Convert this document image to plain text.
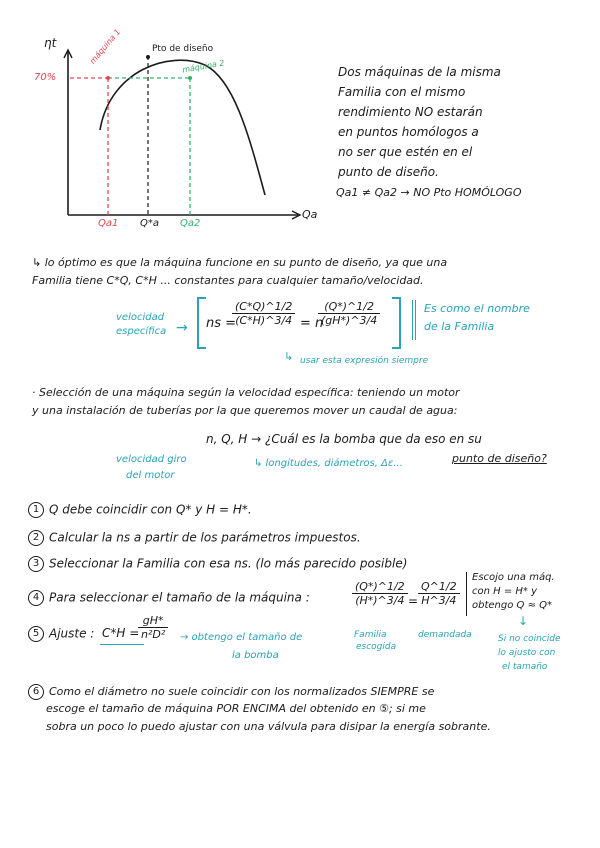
ηt
70%
Pto de diseño
máquina 1
máquina 2
Qa
Qa1 Q*a Qa2
Dos máquinas de la misma
Familia con el mismo
rendimiento NO estarán
en puntos homólogos a
no ser que estén en el
punto de diseño.
Qa1 ≠ Qa2 → NO Pto HOMÓLOGO
↳ lo óptimo es que la máquina funcione en su punto de diseño, ya que una
Familia tiene C*Q, C*H ... constantes para cualquier tamaño/velocidad.
velocidad
específica → ns =
$\frac{(C*Q)\^{}1/2}{(C*H)\^{}3/4} = n$
$\frac{(Q*)\^{}1/2}{(gH*)\^{}3/4}$	Es como el nombre
de la Familia
↳ usar esta expresión siempre
· Selección de una máquina según la velocidad específica: teniendo un motor
y una instalación de tuberías por la que queremos mover un caudal de agua:
n, Q, H → ¿Cuál es la bomba que da eso en su
punto de diseño?
velocidad giro
del motor
↳ longitudes, diámetros, Δε...
1 Q debe coincidir con Q* y H = H*.
2 Calcular la ns a partir de los parámetros impuestos.
3 Seleccionar la Familia con esa ns. (lo más parecido posible)
4 Para seleccionar el tamaño de la máquina :	$\frac{(Q*)\^{}1/2}{(H*)\^{}3/4} = \frac{Q\^{}1/2}{H\^{}3/4}$
Familia
escogida
demandada
Escojo una máq.
con H = H* y
obtengo Q ≈ Q*
5 Ajuste : C*H =
$\frac{gH*}{\text{n²D²}}$ → obtengo el tamaño de
la bomba
↓
Si no coincide
lo ajusto con
el tamaño
6 Como el diámetro no suele coincidir con los normalizados SIEMPRE se
escoge el tamaño de máquina POR ENCIMA del obtenido en ⑤; si me
sobra un poco lo puedo ajustar con una válvula para disipar la energía sobrante.
